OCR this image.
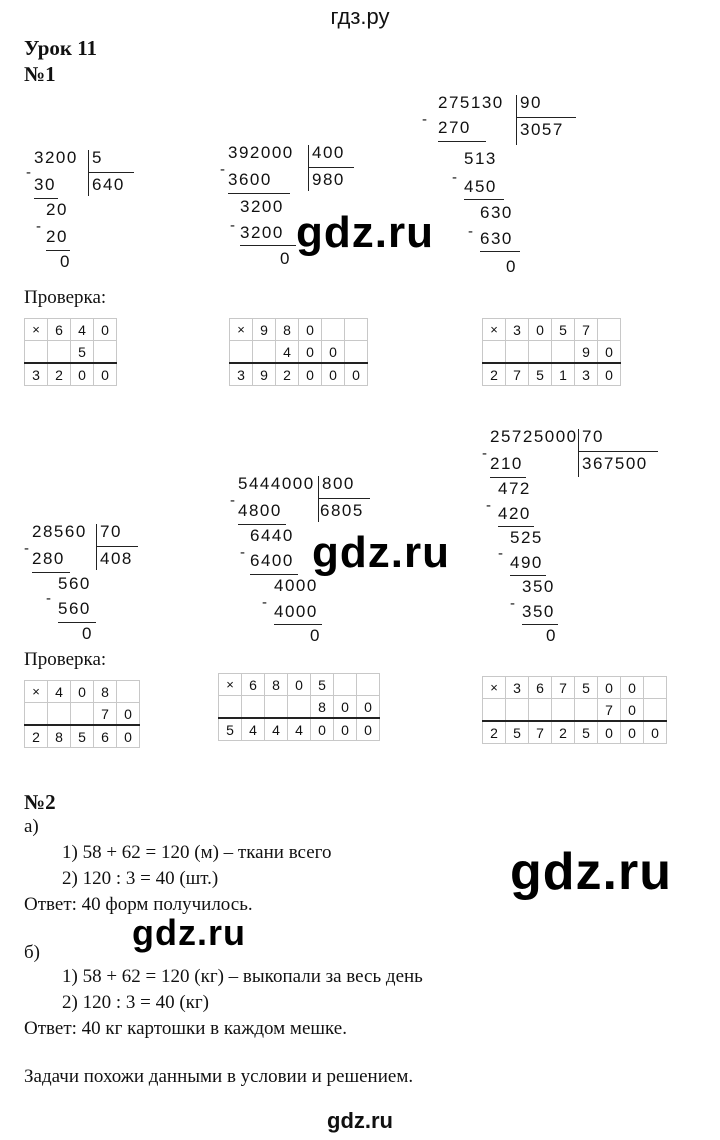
гдз.ру
Урок 11
№1
3200 5
640
-
30
20
-
20
0
392000 400
980
-
3600
3200
- 3200
0
275130 90
3057
- 270
513
- 450
630
- 630
0
gdz.ru
Проверка:
×	6	4	0
		5	
3	2	0	0
×	9	8	0		
		4	0	0	
3	9	2	0	0	0
×	3	0	5	7	
				9	0
2	7	5	1	3	0
28560 70
408
-
280
560
-
560
0
5444000 800
6805
-
4800
6440
- 6400
4000
- 4000
0
25725000 70
367500
-
210
472
- 420
525
- 490
350
- 350
0
gdz.ru
Проверка:
×	4	0	8	
			7	0
2	8	5	6	0
×	6	8	0	5		
				8	0	0
5	4	4	4	0	0	0
×	3	6	7	5	0	0	
					7	0	
2	5	7	2	5	0	0	0
№2
а)
1) 58 + 62 = 120 (м) – ткани всего
2) 120 : 3 = 40 (шт.)
Ответ: 40 форм получилось.
gdz.ru
б)	gdz.ru
1) 58 + 62 = 120 (кг) – выкопали за весь день
2) 120 : 3 = 40 (кг)
Ответ: 40 кг картошки в каждом мешке.
Задачи похожи данными в условии и решением.
gdz.ru
